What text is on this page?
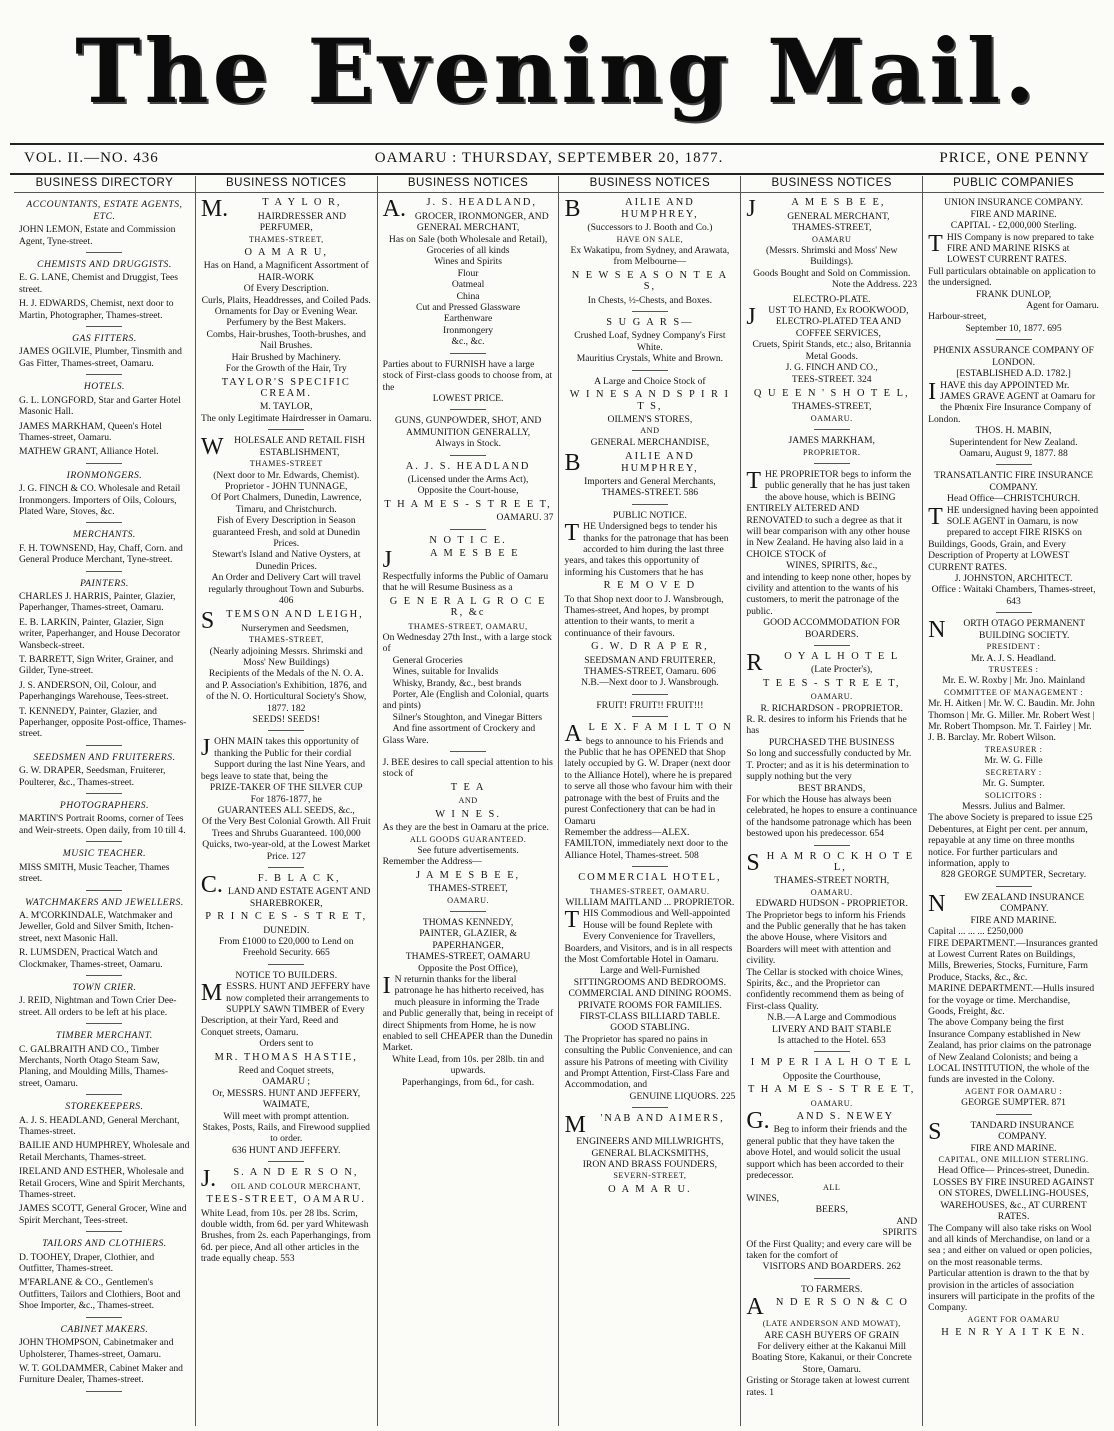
The Evening Mail.
VOL. II.—NO. 436	OAMARU : THURSDAY, SEPTEMBER 20, 1877.	PRICE, ONE PENNY
BUSINESS DIRECTORY
ACCOUNTANTS, ESTATE AGENTS, ETC.
JOHN LEMON, Estate and Commission Agent, Tyne-street.
CHEMISTS AND DRUGGISTS.
E. G. LANE, Chemist and Druggist, Tees street.
H. J. EDWARDS, Chemist, next door to Martin, Photographer, Thames-street.
GAS FITTERS.
JAMES OGILVIE, Plumber, Tinsmith and Gas Fitter, Thames-street, Oamaru.
HOTELS.
G. L. LONGFORD, Star and Garter Hotel Masonic Hall.
JAMES MARKHAM, Queen's Hotel Thames-street, Oamaru.
MATHEW GRANT, Alliance Hotel.
IRONMONGERS.
J. G. FINCH & CO. Wholesale and Retail Ironmongers. Importers of Oils, Colours, Plated Ware, Stoves, &c.
MERCHANTS.
F. H. TOWNSEND, Hay, Chaff, Corn. and General Produce Merchant, Tyne-street.
PAINTERS.
CHARLES J. HARRIS, Painter, Glazier, Paperhanger, Thames-street, Oamaru.
E. B. LARKIN, Painter, Glazier, Sign writer, Paperhanger, and House Decorator Wansbeck-street.
T. BARRETT, Sign Writer, Grainer, and Gilder, Tyne-street.
J. S. ANDERSON, Oil, Colour, and Paperhangings Warehouse, Tees-street.
T. KENNEDY, Painter, Glazier, and Paperhanger, opposite Post-office, Thames-street.
SEEDSMEN AND FRUITERERS.
G. W. DRAPER, Seedsman, Fruiterer, Poulterer, &c., Thames-street.
PHOTOGRAPHERS.
MARTIN'S Portrait Rooms, corner of Tees and Weir-streets. Open daily, from 10 till 4.
MUSIC TEACHER.
MISS SMITH, Music Teacher, Thames street.
WATCHMAKERS AND JEWELLERS.
A. M'CORKINDALE, Watchmaker and Jeweller, Gold and Silver Smith, Itchen-street, next Masonic Hall.
R. LUMSDEN, Practical Watch and Clockmaker, Thames-street, Oamaru.
TOWN CRIER.
J. REID, Nightman and Town Crier Dee-street. All orders to be left at his place.
TIMBER MERCHANT.
C. GALBRAITH AND CO., Timber Merchants, North Otago Steam Saw, Planing, and Moulding Mills, Thames-street, Oamaru.
STOREKEEPERS.
A. J. S. HEADLAND, General Merchant, Thames-street.
BAILIE AND HUMPHREY, Wholesale and Retail Merchants, Thames-street.
IRELAND AND ESTHER, Wholesale and Retail Grocers, Wine and Spirit Merchants, Thames-street.
JAMES SCOTT, General Grocer, Wine and Spirit Merchant, Tees-street.
TAILORS AND CLOTHIERS.
D. TOOHEY, Draper, Clothier, and Outfitter, Thames-street.
M'FARLANE & CO., Gentlemen's Outfitters, Tailors and Clothiers, Boot and Shoe Importer, &c., Thames-street.
CABINET MAKERS.
JOHN THOMPSON, Cabinetmaker and Upholsterer, Thames-street, Oamaru.
W. T. GOLDAMMER, Cabinet Maker and Furniture Dealer, Thames-street.
BUSINESS NOTICES
M.	T A Y L O R,
HAIRDRESSER AND PERFUMER,
THAMES-STREET,
O A M A R U,
Has on Hand, a Magnificent Assortment of
HAIR-WORK
Of Every Description.
Curls, Plaits, Headdresses, and Coiled Pads.
Ornaments for Day or Evening Wear.
Perfumery by the Best Makers.
Combs, Hair-brushes, Tooth-brushes, and Nail Brushes.
Hair Brushed by Machinery.
For the Growth of the Hair, Try
TAYLOR'S SPECIFIC CREAM.
M. TAYLOR,
The only Legitimate Hairdresser in Oamaru.
W	HOLESALE AND RETAIL FISH ESTABLISHMENT,
THAMES-STREET
(Next door to Mr. Edwards, Chemist).
Proprietor - JOHN TUNNAGE,
Of Port Chalmers, Dunedin, Lawrence, Timaru, and Christchurch.
Fish of Every Description in Season guaranteed Fresh, and sold at Dunedin Prices.
Stewart's Island and Native Oysters, at Dunedin Prices.
An Order and Delivery Cart will travel regularly throughout Town and Suburbs. 406
S	TEMSON AND LEIGH,
Nurserymen and Seedsmen,
THAMES-STREET,
(Nearly adjoining Messrs. Shrimski and Moss' New Buildings)
Recipients of the Medals of the N. O. A. and P. Association's Exhibition, 1876, and of the N. O. Horticultural Society's Show, 1877. 182
SEEDS! SEEDS!
J OHN MAIN takes this opportunity of thanking the Public for their cordial Support during the last Nine Years, and begs leave to state that, being the
PRIZE-TAKER OF THE SILVER CUP
For 1876-1877, he
GUARANTEES ALL SEEDS, &c.,
Of the Very Best Colonial Growth. All Fruit Trees and Shrubs Guaranteed. 100,000 Quicks, two-year-old, at the Lowest Market Price. 127
C.	F. B L A C K,
LAND AND ESTATE AGENT AND
SHAREBROKER,
P R I N C E S - S T R E T,
DUNEDIN.
From £1000 to £20,000 to Lend on Freehold Security. 665
NOTICE TO BUILDERS.
M ESSRS. HUNT AND JEFFERY have now completed their arrangements to SUPPLY SAWN TIMBER of Every Description, at their Yard, Reed and Conquet streets, Oamaru.
Orders sent to
MR. THOMAS HASTIE,
Reed and Coquet streets,
OAMARU ;
Or, MESSRS. HUNT AND JEFFERY, WAIMATE,
Will meet with prompt attention.
Stakes, Posts, Rails, and Firewood supplied to order.
636 HUNT AND JEFFERY.
J.	S. A N D E R S O N,
OIL AND COLOUR MERCHANT,
TEES-STREET, OAMARU.
White Lead, from 10s. per 28 lbs. Scrim, double width, from 6d. per yard Whitewash Brushes, from 2s. each Paperhangings, from 6d. per piece, And all other articles in the trade equally cheap. 553
BUSINESS NOTICES
A.	J. S. HEADLAND,
GROCER, IRONMONGER, AND
GENERAL MERCHANT,
Has on Sale (both Wholesale and Retail),
Groceries of all kinds
Wines and Spirits
Flour
Oatmeal
China
Cut and Pressed Glassware
Earthenware
Ironmongery
&c., &c.
Parties about to FURNISH have a large stock of First-class goods to choose from, at the
LOWEST PRICE.
GUNS, GUNPOWDER, SHOT, AND AMMUNITION GENERALLY,
Always in Stock.
A. J. S. HEADLAND
(Licensed under the Arms Act),
Opposite the Court-house,
T H A M E S - S T R E E T,
OAMARU. 37
N O T I C E.
J	A M E S B E E
Respectfully informs the Public of Oamaru that he will Resume Business as a
G E N E R A L G R O C E R, &c
THAMES-STREET, OAMARU,
On Wednesday 27th Inst., with a large stock of
General Groceries
Wines, suitable for Invalids
Whisky, Brandy, &c., best brands
Porter, Ale (English and Colonial, quarts and pints)
Silner's Stoughton, and Vinegar Bitters
And fine assortment of Crockery and Glass Ware.
J. BEE desires to call special attention to his stock of
T E A
AND
W I N E S.
As they are the best in Oamaru at the price.
ALL GOODS GUARANTEED.
See future advertisements.
Remember the Address—
J A M E S B E E,
THAMES-STREET,
OAMARU.
THOMAS KENNEDY,
PAINTER, GLAZIER, & PAPERHANGER,
THAMES-STREET, OAMARU
Opposite the Post Office),
I N returnin thanks for the liberal patronage he has hitherto received, has much pleasure in informing the Trade and Public generally that, being in receipt of direct Shipments from Home, he is now enabled to sell CHEAPER than the Dunedin Market.
White Lead, from 10s. per 28lb. tin and upwards.
Paperhangings, from 6d., for cash.
BUSINESS NOTICES
B	AILIE AND HUMPHREY,
(Successors to J. Booth and Co.)
HAVE ON SALE,
Ex Wakatipu, from Sydney, and Arawata, from Melbourne—
N E W S E A S O N T E A S,
In Chests, ½-Chests, and Boxes.
S U G A R S—
Crushed Loaf, Sydney Company's First White.
Mauritius Crystals, White and Brown.
A Large and Choice Stock of
W I N E S A N D S P I R I T S,
OILMEN'S STORES,
AND
GENERAL MERCHANDISE,
B	AILIE AND HUMPHREY,
Importers and General Merchants,
THAMES-STREET. 586
PUBLIC NOTICE.
T HE Undersigned begs to tender his thanks for the patronage that has been accorded to him during the last three years, and takes this opportunity of informing his Customers that he has
R E M O V E D
To that Shop next door to J. Wansbrough, Thames-street, And hopes, by prompt attention to their wants, to merit a continuance of their favours.
G. W. D R A P E R,
SEEDSMAN AND FRUITERER,
THAMES-STREET, Oamaru. 606
N.B.—Next door to J. Wansbrough.
FRUIT! FRUIT!! FRUIT!!!
A L E X. F A M I L T O N
begs to announce to his Friends and the Public that he has OPENED that Shop lately occupied by G. W. Draper (next door to the Alliance Hotel), where he is prepared to serve all those who favour him with their patronage with the best of Fruits and the purest Confectionery that can be had in Oamaru
Remember the address—ALEX. FAMILTON, immediately next door to the Alliance Hotel, Thames-street. 508
COMMERCIAL HOTEL,
THAMES-STREET, OAMARU.
WILLIAM MAITLAND ... PROPRIETOR.
T HIS Commodious and Well-appointed House will be found Replete with Every Convenience for Travellers, Boarders, and Visitors, and is in all respects the Most Comfortable Hotel in Oamaru.
Large and Well-Furnished
SITTINGROOMS AND BEDROOMS.
COMMERCIAL AND DINING ROOMS.
PRIVATE ROOMS FOR FAMILIES.
FIRST-CLASS BILLIARD TABLE.
GOOD STABLING.
The Proprietor has spared no pains in consulting the Public Convenience, and can assure his Patrons of meeting with Civility and Prompt Attention, First-Class Fare and Accommodation, and
GENUINE LIQUORS. 225
M	'NAB AND AIMERS,
ENGINEERS AND MILLWRIGHTS,
GENERAL BLACKSMITHS,
IRON AND BRASS FOUNDERS,
SEVERN-STREET,
O A M A R U.
BUSINESS NOTICES
J	A M E S B E E,
GENERAL MERCHANT,
THAMES-STREET,
OAMARU
(Messrs. Shrimski and Moss' New Buildings).
Goods Bought and Sold on Commission.
Note the Address. 223
ELECTRO-PLATE.
J	UST TO HAND, Ex ROOKWOOD, ELECTRO-PLATED TEA AND COFFEE SERVICES,
Cruets, Spirit Stands, etc.; also, Britannia Metal Goods.
J. G. FINCH AND CO.,
TEES-STREET. 324
Q U E E N ' S H O T E L,
THAMES-STREET,
OAMARU.
JAMES MARKHAM,
PROPRIETOR.
T HE PROPRIETOR begs to inform the public generally that he has just taken the above house, which is BEING ENTIRELY ALTERED AND RENOVATED to such a degree as that it will bear comparison with any other house in New Zealand. He having also laid in a CHOICE STOCK of
WINES, SPIRITS, &c.,
and intending to keep none other, hopes by civility and attention to the wants of his customers, to merit the patronage of the public.
GOOD ACCOMMODATION FOR BOARDERS.
R	O Y A L H O T E L
(Late Procter's),
T E E S - S T R E E T,
OAMARU.
R. RICHARDSON - PROPRIETOR.
R. R. desires to inform his Friends that he has
PURCHASED THE BUSINESS
So long and successfully conducted by Mr. T. Procter; and as it is his determination to supply nothing but the very
BEST BRANDS,
For which the House has always been celebrated, he hopes to ensure a continuance of the handsome patronage which has been bestowed upon his predecessor. 654
S H A M R O C K H O T E L,
THAMES-STREET NORTH,
OAMARU.
EDWARD HUDSON - PROPRIETOR.
The Proprietor begs to inform his Friends and the Public generally that he has taken the above House, where Visitors and Boarders will meet with attention and civility.
The Cellar is stocked with choice Wines, Spirits, &c., and the Proprietor can confidently recommend them as being of First-class Quality.
N.B.—A Large and Commodious
LIVERY AND BAIT STABLE
Is attached to the Hotel. 653
I M P E R I A L H O T E L
Opposite the Courthouse,
T H A M E S - S T R E E T,
OAMARU.
G.	AND S. NEWEY
Beg to inform their friends and the general public that they have taken the above Hotel, and would solicit the usual support which has been accorded to their predecessor.
ALL
WINES,
BEERS,
AND
SPIRITS
Of the First Quality; and every care will be taken for the comfort of
VISITORS AND BOARDERS. 262
TO FARMERS.
A	N D E R S O N & C O
(LATE ANDERSON AND MOWAT),
ARE CASH BUYERS OF GRAIN
For delivery either at the Kakanui Mill Boating Store, Kakanui, or their Concrete Store, Oamaru.
Gristing or Storage taken at lowest current rates. 1
PUBLIC COMPANIES
UNION INSURANCE COMPANY.
FIRE AND MARINE.
CAPITAL - £2,000,000 Sterling.
T HIS Company is now prepared to take FIRE AND MARINE RISKS at LOWEST CURRENT RATES.
Full particulars obtainable on application to the undersigned.
FRANK DUNLOP,
Agent for Oamaru.
Harbour-street,
September 10, 1877. 695
PHŒNIX ASSURANCE COMPANY OF LONDON.
[ESTABLISHED A.D. 1782.]
I HAVE this day APPOINTED Mr. JAMES GRAVE AGENT at Oamaru for the Phœnix Fire Insurance Company of London.
THOS. H. MABIN,
Superintendent for New Zealand.
Oamaru, August 9, 1877. 88
TRANSATLANTIC FIRE INSURANCE COMPANY.
Head Office—CHRISTCHURCH.
T HE undersigned having been appointed SOLE AGENT in Oamaru, is now prepared to accept FIRE RISKS on Buildings, Goods, Grain, and Every Description of Property at LOWEST CURRENT RATES.
J. JOHNSTON, ARCHITECT.
Office : Waitaki Chambers, Thames-street, 643
N	ORTH OTAGO PERMANENT BUILDING SOCIETY.
PRESIDENT :
Mr. A. J. S. Headland.
TRUSTEES :
Mr. E. W. Roxby | Mr. Jno. Mainland
COMMITTEE OF MANAGEMENT :
Mr. H. Aitken | Mr. W. C. Baudin. Mr. John Thomson | Mr. G. Miller. Mr. Robert West | Mr. Robert Thompson. Mr. T. Fairley | Mr. J. B. Barclay. Mr. Robert Wilson.
TREASURER :
Mr. W. G. Fille
SECRETARY :
Mr. G. Sumpter.
SOLICITORS :
Messrs. Julius and Balmer.
The above Society is prepared to issue £25 Debentures, at Eight per cent. per annum, repayable at any time on three months notice. For further particulars and information, apply to
828 GEORGE SUMPTER, Secretary.
N	EW ZEALAND INSURANCE COMPANY.
FIRE AND MARINE.
Capital ... ... ... £250,000
FIRE DEPARTMENT.—Insurances granted at Lowest Current Rates on Buildings, Mills, Breweries, Stocks, Furniture, Farm Produce, Stacks, &c., &c.
MARINE DEPARTMENT.—Hulls insured for the voyage or time. Merchandise, Goods, Freight, &c.
The above Company being the first Insurance Company established in New Zealand, has prior claims on the patronage of New Zealand Colonists; and being a LOCAL INSTITUTION, the whole of the funds are invested in the Colony.
AGENT FOR OAMARU :
GEORGE SUMPTER. 871
S	TANDARD INSURANCE COMPANY.
FIRE AND MARINE.
CAPITAL, ONE MILLION STERLING.
Head Office— Princes-street, Dunedin.
LOSSES BY FIRE INSURED AGAINST ON STORES, DWELLING-HOUSES, WAREHOUSES, &c., AT CURRENT RATES.
The Company will also take risks on Wool and all kinds of Merchandise, on land or a sea ; and either on valued or open policies, on the most reasonable terms.
Particular attention is drawn to the that by provision in the articles of association insurers will participate in the profits of the Company.
AGENT FOR OAMARU
H E N R Y A I T K E N.
